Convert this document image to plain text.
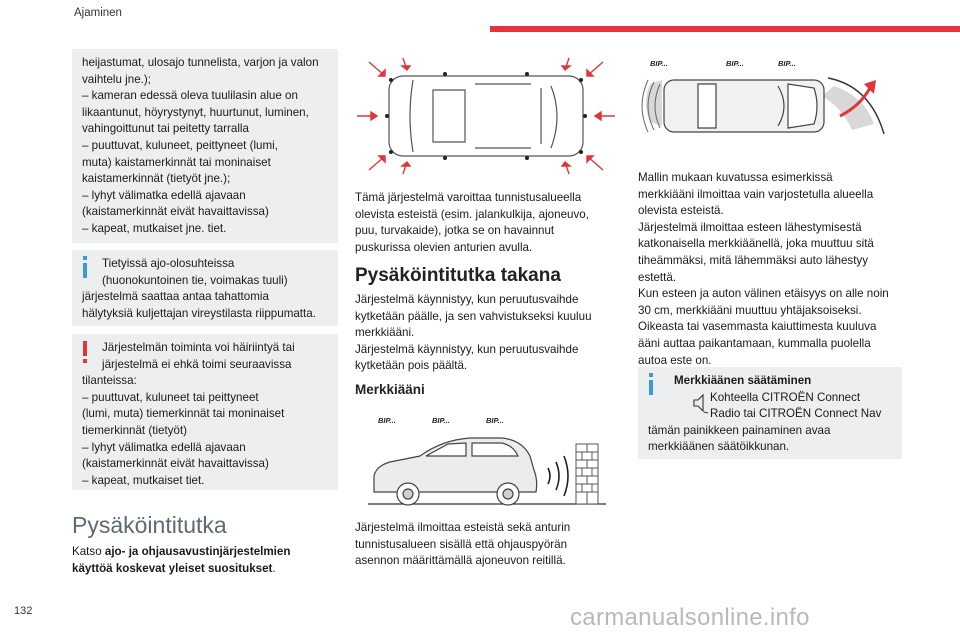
Ajaminen

heijastumat, ulosajo tunnelista, varjon ja valon
vaihtelu jne.);
– kameran edessä oleva tuulilasin alue on
likaantunut, höyrystynyt, huurtunut, luminen,
vahingoittunut tai peitetty tarralla
– puuttuvat, kuluneet, peittyneet (lumi,
muta) kaistamerkinnät tai moninaiset
kaistamerkinnät (tietyöt jne.);
– lyhyt välimatka edellä ajavaan
(kaistamerkinnät eivät havaittavissa)
– kapeat, mutkaiset jne. tiet.

Tietyissä ajo-olosuhteissa
(huonokuntoinen tie, voimakas tuuli)

järjestelmä saattaa antaa tahattomia
hälytyksiä kuljettajan vireystilasta riippumatta.

Järjestelmän toiminta voi häiriintyä tai
järjestelmä ei ehkä toimi seuraavissa

tilanteissa:
– puuttuvat, kuluneet tai peittyneet
(lumi, muta) tiemerkinnät tai moninaiset
tiemerkinnät (tietyöt)
– lyhyt välimatka edellä ajavaan
(kaistamerkinnät eivät havaittavissa)
– kapeat, mutkaiset tiet.

Pysäköintitutka

Katso ajo- ja ohjausavustinjärjestelmien
käyttöä koskevat yleiset suositukset.

Tämä järjestelmä varoittaa tunnistusalueella
olevista esteistä (esim. jalankulkija, ajoneuvo,
puu, turvakaide), jotka se on havainnut
puskurissa olevien anturien avulla.

Pysäköintitutka takana

Järjestelmä käynnistyy, kun peruutusvaihde
kytketään päälle, ja sen vahvistukseksi kuuluu
merkkiääni.
Järjestelmä käynnistyy, kun peruutusvaihde
kytketään pois päältä.

Merkkiääni
BIP...	BIP...	BIP...

Järjestelmä ilmoittaa esteistä sekä anturin
tunnistusalueen sisällä että ohjauspyörän
asennon määrittämällä ajoneuvon reitillä.

BIP...	BIP...	BIP...

Mallin mukaan kuvatussa esimerkissä
merkkiääni ilmoittaa vain varjostetulla alueella
olevista esteistä.
Järjestelmä ilmoittaa esteen lähestymisestä
katkonaisella merkkiäänellä, joka muuttuu sitä
tiheämmäksi, mitä lähemmäksi auto lähestyy
estettä.
Kun esteen ja auton välinen etäisyys on alle noin
30 cm, merkkiääni muuttuu yhtäjaksoiseksi.
Oikeasta tai vasemmasta kaiuttimesta kuuluva
ääni auttaa paikantamaan, kummalla puolella
autoa este on.

Merkkiäänen säätäminen

Kohteella CITROËN Connect
Radio tai CITROËN Connect Nav

tämän painikkeen painaminen avaa
merkkiäänen säätöikkunan.

132	carmanualsonline.info
